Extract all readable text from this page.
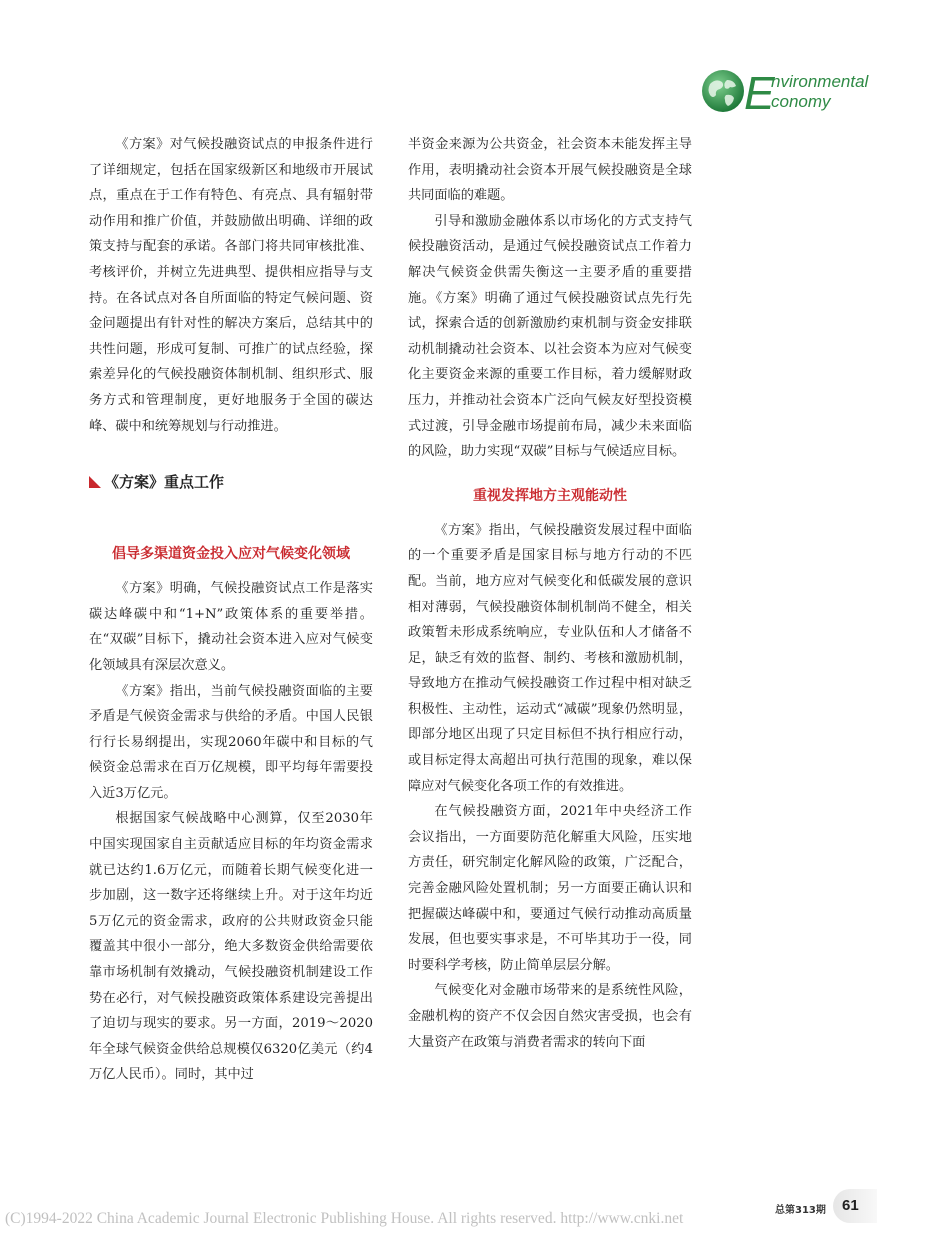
E
nvironmental
conomy

《方案》对气候投融资试点的申报条件进行了详细规定，包括在国家级新区和地级市开展试点，重点在于工作有特色、有亮点、具有辐射带动作用和推广价值，并鼓励做出明确、详细的政策支持与配套的承诺。各部门将共同审核批准、考核评价，并树立先进典型、提供相应指导与支持。在各试点对各自所面临的特定气候问题、资金问题提出有针对性的解决方案后，总结其中的共性问题，形成可复制、可推广的试点经验，探索差异化的气候投融资体制机制、组织形式、服务方式和管理制度，更好地服务于全国的碳达峰、碳中和统筹规划与行动推进。

《方案》重点工作
倡导多渠道资金投入应对气候变化领域

《方案》明确，气候投融资试点工作是落实碳达峰碳中和“1+N”政策体系的重要举措。在“双碳”目标下，撬动社会资本进入应对气候变化领域具有深层次意义。

《方案》指出，当前气候投融资面临的主要矛盾是气候资金需求与供给的矛盾。中国人民银行行长易纲提出，实现2060年碳中和目标的气候资金总需求在百万亿规模，即平均每年需要投入近3万亿元。

根据国家气候战略中心测算，仅至2030年中国实现国家自主贡献适应目标的年均资金需求就已达约1.6万亿元，而随着长期气候变化进一步加剧，这一数字还将继续上升。对于这年均近5万亿元的资金需求，政府的公共财政资金只能覆盖其中很小一部分，绝大多数资金供给需要依靠市场机制有效撬动，气候投融资机制建设工作势在必行，对气候投融资政策体系建设完善提出了迫切与现实的要求。另一方面，2019～2020年全球气候资金供给总规模仅6320亿美元（约4万亿人民币）。同时，其中过

半资金来源为公共资金，社会资本未能发挥主导作用，表明撬动社会资本开展气候投融资是全球共同面临的难题。

引导和激励金融体系以市场化的方式支持气候投融资活动，是通过气候投融资试点工作着力解决气候资金供需失衡这一主要矛盾的重要措施。《方案》明确了通过气候投融资试点先行先试，探索合适的创新激励约束机制与资金安排联动机制撬动社会资本、以社会资本为应对气候变化主要资金来源的重要工作目标，着力缓解财政压力，并推动社会资本广泛向气候友好型投资模式过渡，引导金融市场提前布局，减少未来面临的风险，助力实现“双碳”目标与气候适应目标。

重视发挥地方主观能动性

《方案》指出，气候投融资发展过程中面临的一个重要矛盾是国家目标与地方行动的不匹配。当前，地方应对气候变化和低碳发展的意识相对薄弱，气候投融资体制机制尚不健全，相关政策暂未形成系统响应，专业队伍和人才储备不足，缺乏有效的监督、制约、考核和激励机制，导致地方在推动气候投融资工作过程中相对缺乏积极性、主动性，运动式“减碳”现象仍然明显，即部分地区出现了只定目标但不执行相应行动，或目标定得太高超出可执行范围的现象，难以保障应对气候变化各项工作的有效推进。

在气候投融资方面，2021年中央经济工作会议指出，一方面要防范化解重大风险，压实地方责任，研究制定化解风险的政策，广泛配合，完善金融风险处置机制；另一方面要正确认识和把握碳达峰碳中和，要通过气候行动推动高质量发展，但也要实事求是，不可毕其功于一役，同时要科学考核，防止简单层层分解。

气候变化对金融市场带来的是系统性风险，金融机构的资产不仅会因自然灾害受损，也会有大量资产在政策与消费者需求的转向下面

总第313期 61
(C)1994-2022 China Academic Journal Electronic Publishing House. All rights reserved. http://www.cnki.net
